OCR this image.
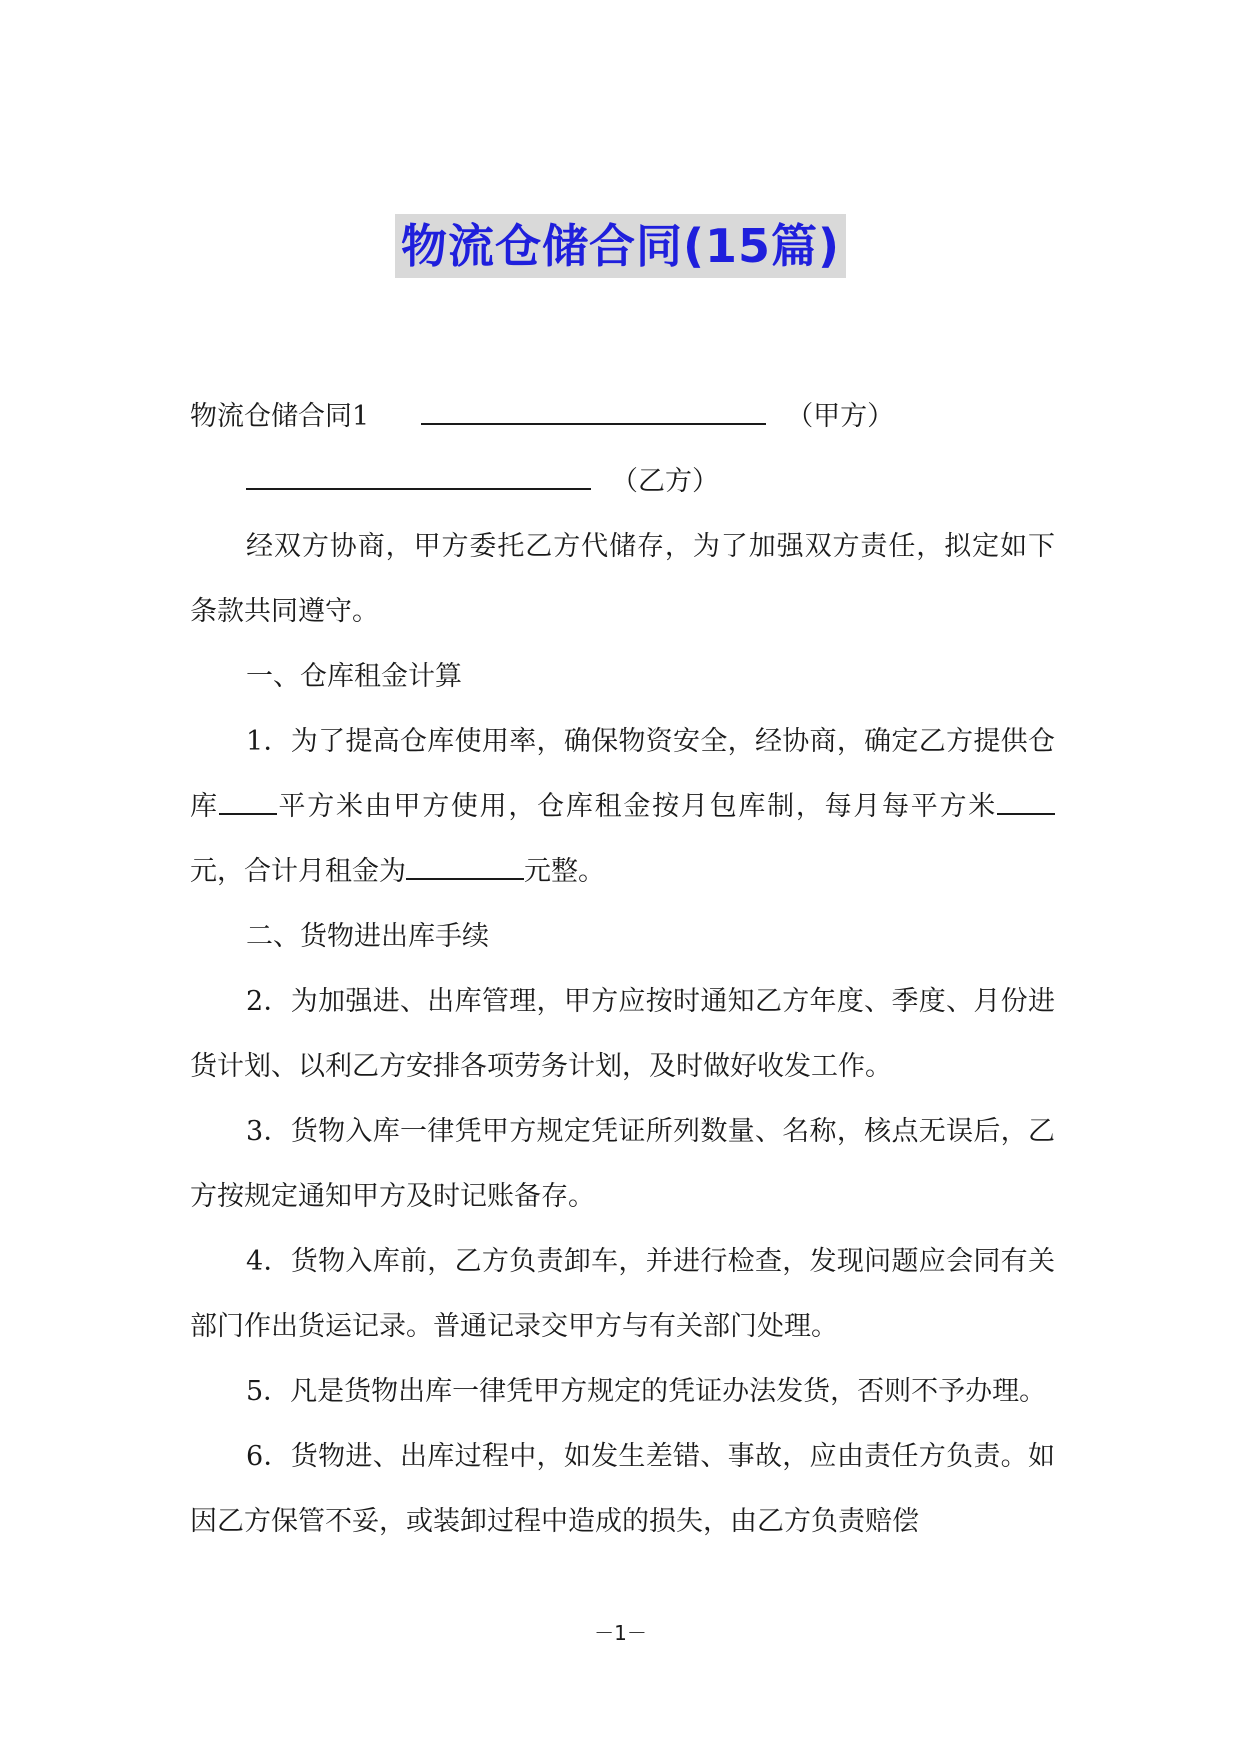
物流仓储合同(15篇)
物流仓储合同1	（甲方）
（乙方）

经双方协商，甲方委托乙方代储存，为了加强双方责任，拟定如下条款共同遵守。

一、仓库租金计算

1．为了提高仓库使用率，确保物资安全，经协商，确定乙方提供仓库 平方米由甲方使用，仓库租金按月包库制，每月每平方米元，合计月租金为	元整。

二、货物进出库手续

2．为加强进、出库管理，甲方应按时通知乙方年度、季度、月份进货计划、以利乙方安排各项劳务计划，及时做好收发工作。

3．货物入库一律凭甲方规定凭证所列数量、名称，核点无误后，乙方按规定通知甲方及时记账备存。

4．货物入库前，乙方负责卸车，并进行检查，发现问题应会同有关部门作出货运记录。普通记录交甲方与有关部门处理。

5．凡是货物出库一律凭甲方规定的凭证办法发货，否则不予办理。

6．货物进、出库过程中，如发生差错、事故，应由责任方负责。如因乙方保管不妥，或装卸过程中造成的损失，由乙方负责赔偿

－1－
